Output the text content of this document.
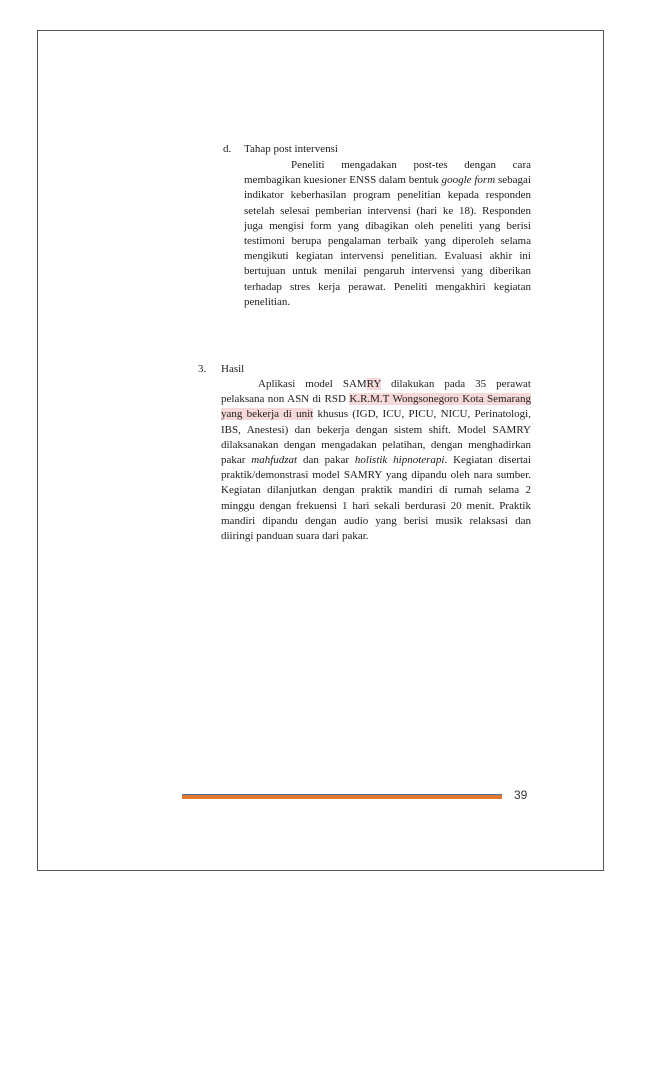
d. Tahap post intervensi
Peneliti mengadakan post-tes dengan cara membagikan kuesioner ENSS dalam bentuk google form sebagai indikator keberhasilan program penelitian kepada responden setelah selesai pemberian intervensi (hari ke 18). Responden juga mengisi form yang dibagikan oleh peneliti yang berisi testimoni berupa pengalaman terbaik yang diperoleh selama mengikuti kegiatan intervensi penelitian. Evaluasi akhir ini bertujuan untuk menilai pengaruh intervensi yang diberikan terhadap stres kerja perawat. Peneliti mengakhiri kegiatan penelitian.
3. Hasil
Aplikasi model SAMRY dilakukan pada 35 perawat pelaksana non ASN di RSD K.R.M.T Wongsonegoro Kota Semarang yang bekerja di unit khusus (IGD, ICU, PICU, NICU, Perinatologi, IBS, Anestesi) dan bekerja dengan sistem shift. Model SAMRY dilaksanakan dengan mengadakan pelatihan, dengan menghadirkan pakar mahfudzat dan pakar holistik hipnoterapi. Kegiatan disertai praktik/demonstrasi model SAMRY yang dipandu oleh nara sumber. Kegiatan dilanjutkan dengan praktik mandiri di rumah selama 2 minggu dengan frekuensi 1 hari sekali berdurasi 20 menit. Praktik mandiri dipandu dengan audio yang berisi musik relaksasi dan diiringi panduan suara dari pakar.
39
